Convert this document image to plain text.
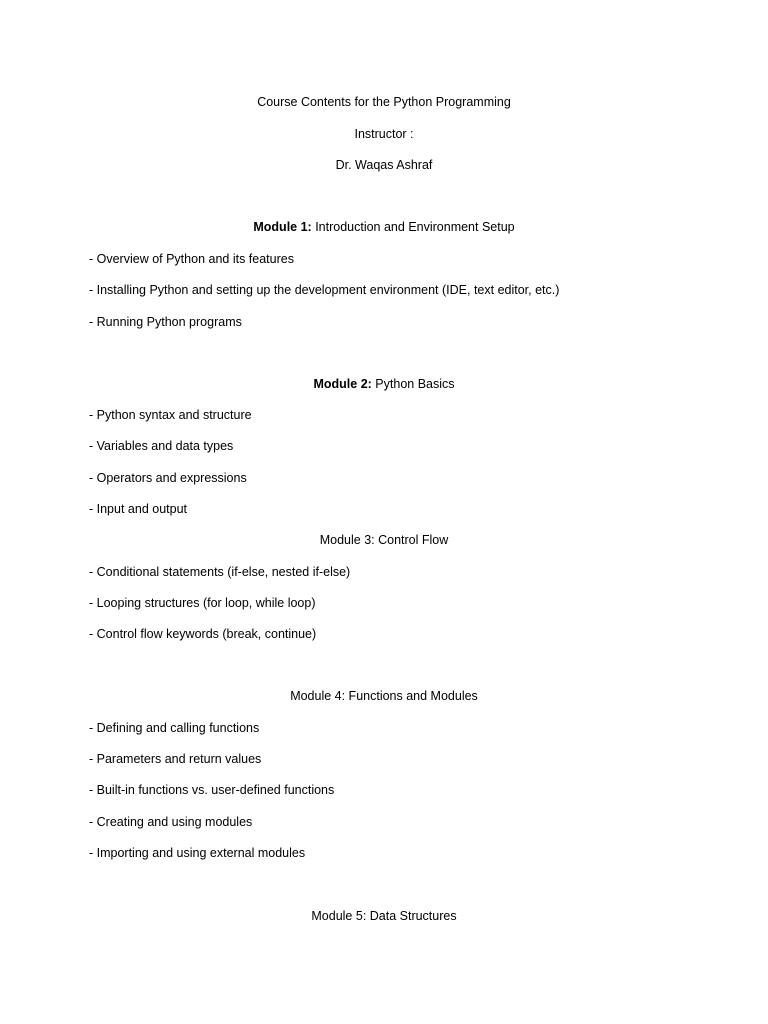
Course Contents for the Python Programming
Instructor :
Dr. Waqas Ashraf
Module 1: Introduction and Environment Setup
- Overview of Python and its features
- Installing Python and setting up the development environment (IDE, text editor, etc.)
- Running Python programs
Module 2: Python Basics
- Python syntax and structure
- Variables and data types
- Operators and expressions
- Input and output
Module 3: Control Flow
- Conditional statements (if-else, nested if-else)
- Looping structures (for loop, while loop)
- Control flow keywords (break, continue)
Module 4: Functions and Modules
- Defining and calling functions
- Parameters and return values
- Built-in functions vs. user-defined functions
- Creating and using modules
- Importing and using external modules
Module 5: Data Structures
